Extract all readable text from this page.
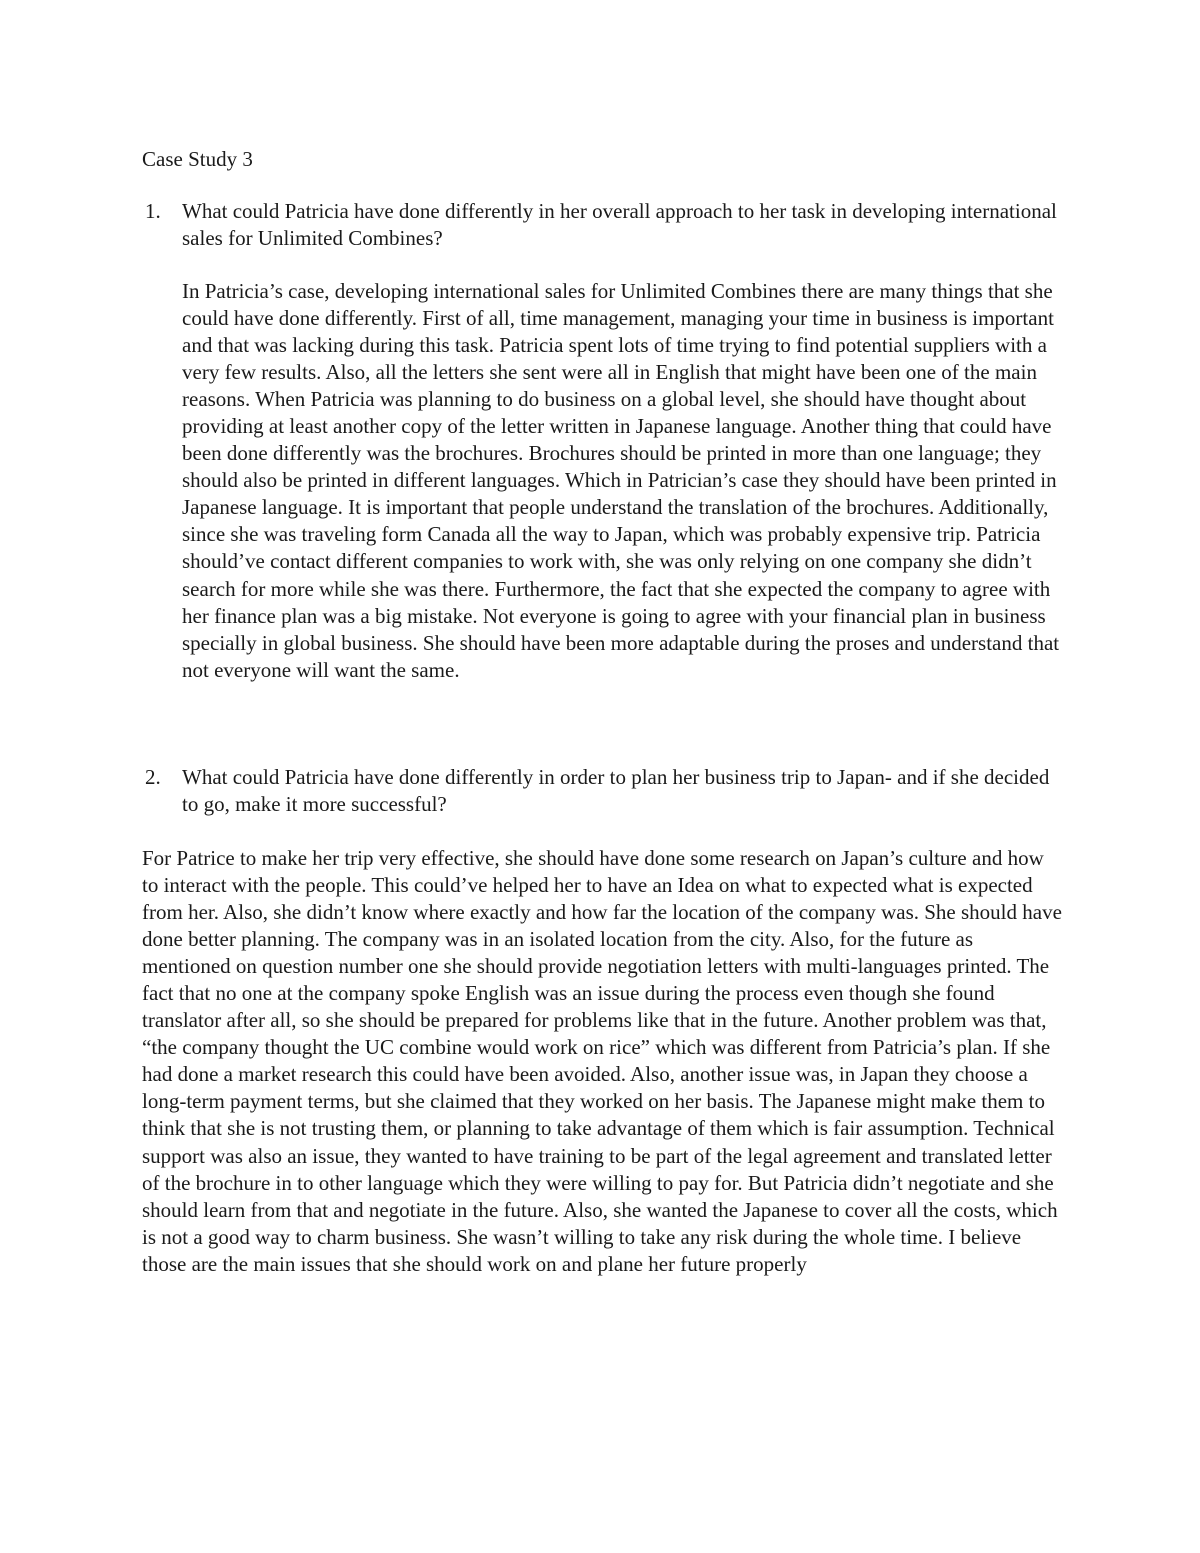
Case Study 3
1.	What could Patricia have done differently in her overall approach to her task in developing international sales for Unlimited Combines?

In Patricia’s case, developing international sales for Unlimited Combines there are many things that she could have done differently. First of all, time management, managing your time in business is important and that was lacking during this task. Patricia spent lots of time trying to find potential suppliers with a very few results. Also, all the letters she sent were all in English that might have been one of the main reasons. When Patricia was planning to do business on a global level, she should have thought about providing at least another copy of the letter written in Japanese language. Another thing that could have been done differently was the brochures. Brochures should be printed in more than one language; they should also be printed in different languages. Which in Patrician’s case they should have been printed in Japanese language. It is important that people understand the translation of the brochures. Additionally, since she was traveling form Canada all the way to Japan, which was probably expensive trip. Patricia should’ve contact different companies to work with, she was only relying on one company she didn’t search for more while she was there. Furthermore, the fact that she expected the company to agree with her finance plan was a big mistake. Not everyone is going to agree with your financial plan in business specially in global business. She should have been more adaptable during the proses and understand that not everyone will want the same.

2.	What could Patricia have done differently in order to plan her business trip to Japan- and if she decided to go, make it more successful?

For Patrice to make her trip very effective, she should have done some research on Japan’s culture and how to interact with the people. This could’ve helped her to have an Idea on what to expected what is expected from her. Also, she didn’t know where exactly and how far the location of the company was. She should have done better planning. The company was in an isolated location from the city. Also, for the future as mentioned on question number one she should provide negotiation letters with multi-languages printed. The fact that no one at the company spoke English was an issue during the process even though she found translator after all, so she should be prepared for problems like that in the future. Another problem was that, “the company thought the UC combine would work on rice” which was different from Patricia’s plan. If she had done a market research this could have been avoided. Also, another issue was, in Japan they choose a long-term payment terms, but she claimed that they worked on her basis. The Japanese might make them to think that she is not trusting them, or planning to take advantage of them which is fair assumption. Technical support was also an issue, they wanted to have training to be part of the legal agreement and translated letter of the brochure in to other language which they were willing to pay for. But Patricia didn’t negotiate and she should learn from that and negotiate in the future. Also, she wanted the Japanese to cover all the costs, which is not a good way to charm business. She wasn’t willing to take any risk during the whole time. I believe those are the main issues that she should work on and plane her future properly
